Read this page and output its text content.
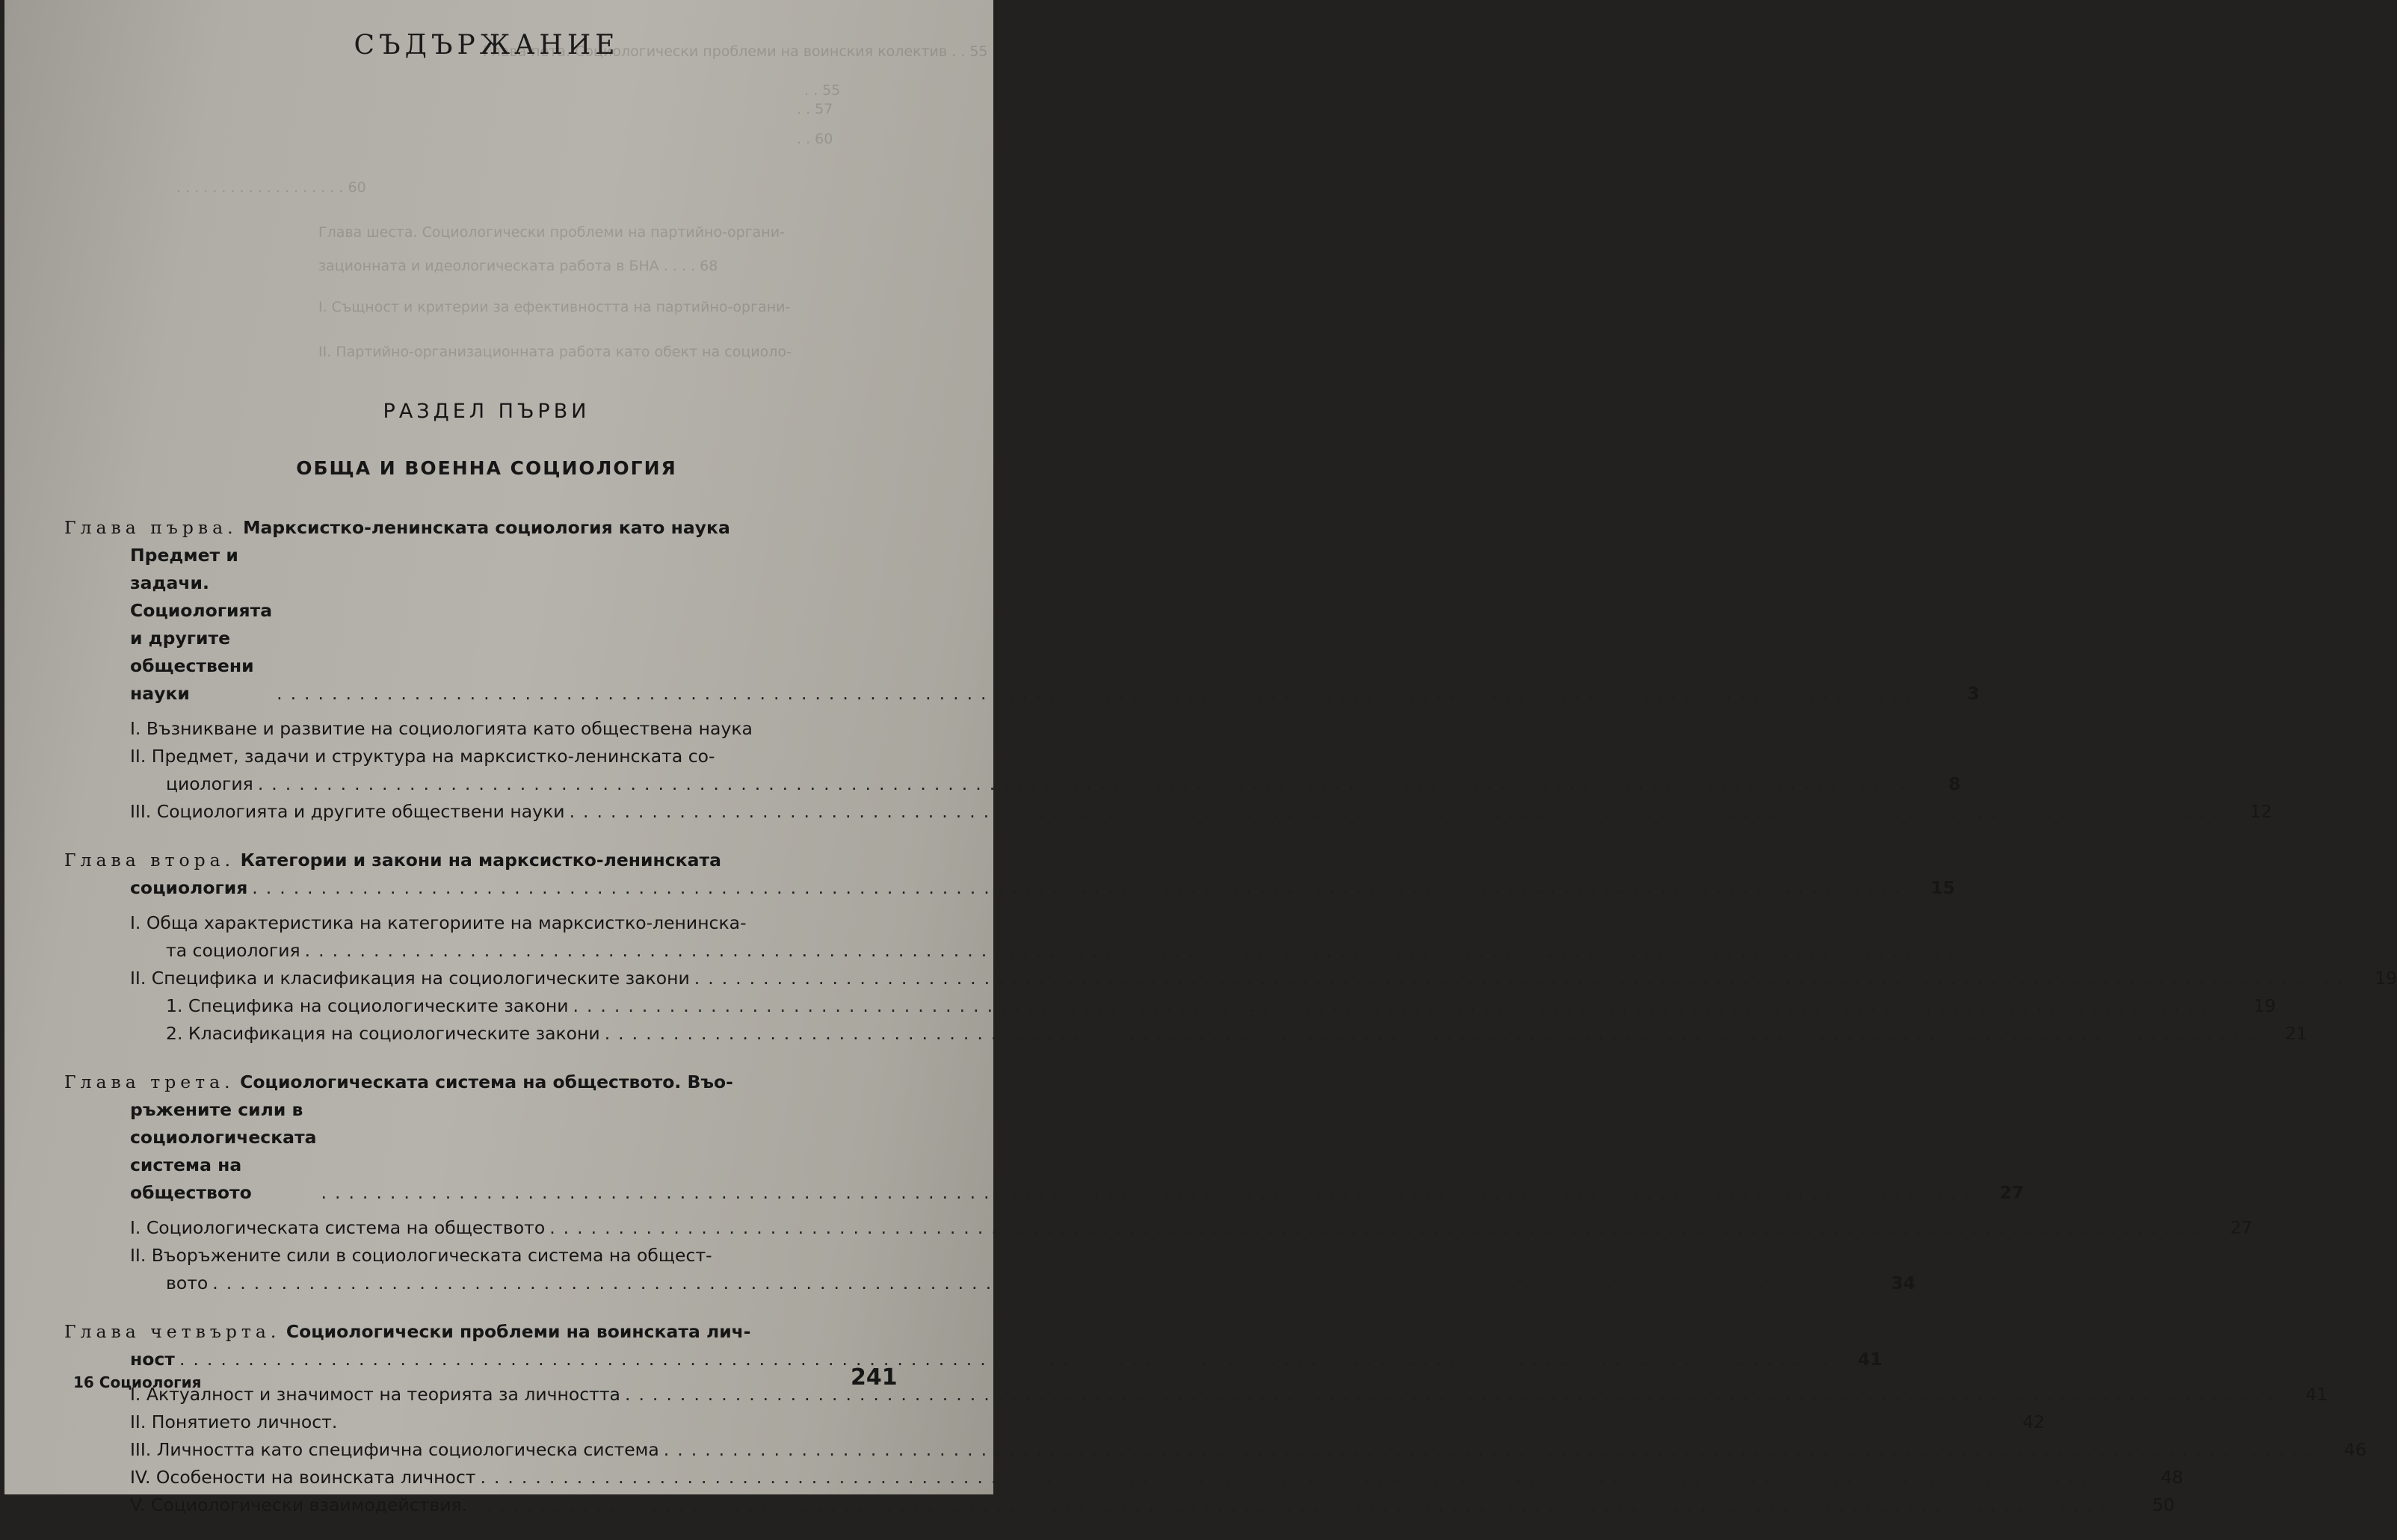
Глава пета. Социологически проблеми на воинския колектив . . 55
. . 55
. . 57
. . 60
. . . . . . . . . . . . . . . . . . . 60
Глава шеста. Социологически проблеми на партийно-органи-
зационната и идеологическата работа в БНА . . . . 68
I. Същност и критерии за ефективността на партийно-органи-
II. Партийно-организационната работа като обект на социоло-
СЪДЪРЖАНИЕ
РАЗДЕЛ ПЪРВИ
ОБЩА И ВОЕННА СОЦИОЛОГИЯ
Глава първа. Марксистко-ленинската социология като наука
Предмет и задачи. Социологията и другите обществени науки	........................................................................................................................	3
I. Възникване и развитие на социологията като обществена наука
II. Предмет, задачи и структура на марксистко-ленинската со-
циология ........................................................................................................................	8
III. Социологията и другите обществени науки ........................................................................................................................	12
Глава втора. Категории и закони на марксистко-ленинската
социология ........................................................................................................................	15
I. Обща характеристика на категориите на марксистко-ленинска-
та социология ........................................................................................................................
II. Специфика и класификация на социологическите закони ........................................................................................................................	19
1. Специфика на социологическите закони ........................................................................................................................	19
2. Класификация на социологическите закони ........................................................................................................................	21
Глава трета. Социологическата система на обществото. Въо-
ръжените сили в социологическата система на обществото	........................................................................................................................	27
I. Социологическата система на обществото ........................................................................................................................	27
II. Въоръжените сили в социологическата система на общест-
вото ........................................................................................................................	34
Глава четвърта. Социологически проблеми на воинската лич-
ност ........................................................................................................................	41
I. Актуалност и значимост на теорията за личността ........................................................................................................................	41
II. Понятието личност.	42
III. Личността като специфична социологическа система ........................................................................................................................	46
IV. Особености на воинската личност ........................................................................................................................	48
V. Социологически взаимодействия. ........................................................................................................................	50
16 Социология	241
